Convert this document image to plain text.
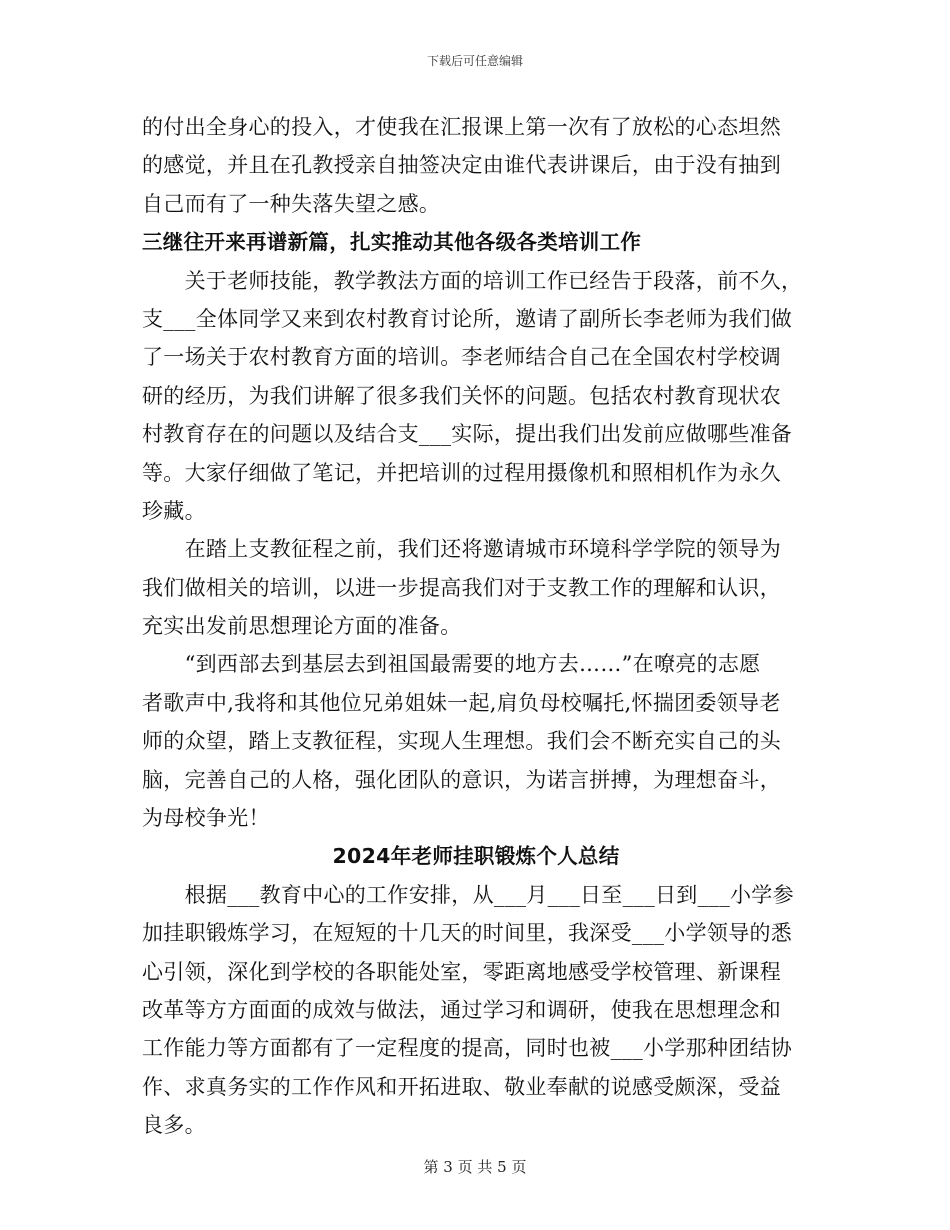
下载后可任意编辑
的付出全身心的投入，才使我在汇报课上第一次有了放松的心态坦然
的感觉，并且在孔教授亲自抽签决定由谁代表讲课后，由于没有抽到
自己而有了一种失落失望之感。
三继往开来再谱新篇，扎实推动其他各级各类培训工作
　　关于老师技能，教学教法方面的培训工作已经告于段落，前不久，
支___全体同学又来到农村教育讨论所，邀请了副所长李老师为我们做
了一场关于农村教育方面的培训。李老师结合自己在全国农村学校调
研的经历，为我们讲解了很多我们关怀的问题。包括农村教育现状农
村教育存在的问题以及结合支___实际，提出我们出发前应做哪些准备
等。大家仔细做了笔记，并把培训的过程用摄像机和照相机作为永久
珍藏。
　　在踏上支教征程之前，我们还将邀请城市环境科学学院的领导为
我们做相关的培训，以进一步提高我们对于支教工作的理解和认识，
充实出发前思想理论方面的准备。
　　“到西部去到基层去到祖国最需要的地方去……”在嘹亮的志愿
者歌声中,我将和其他位兄弟姐妹一起,肩负母校嘱托,怀揣团委领导老
师的众望，踏上支教征程，实现人生理想。我们会不断充实自己的头
脑，完善自己的人格，强化团队的意识，为诺言拼搏，为理想奋斗，
为母校争光！
2024年老师挂职锻炼个人总结
　　根据___教育中心的工作安排，从___月___日至___日到___小学参
加挂职锻炼学习，在短短的十几天的时间里，我深受___小学领导的悉
心引领，深化到学校的各职能处室，零距离地感受学校管理、新课程
改革等方方面面的成效与做法，通过学习和调研，使我在思想理念和
工作能力等方面都有了一定程度的提高，同时也被___小学那种团结协
作、求真务实的工作作风和开拓进取、敬业奉献的说感受颇深，受益
良多。
第 3 页 共 5 页
